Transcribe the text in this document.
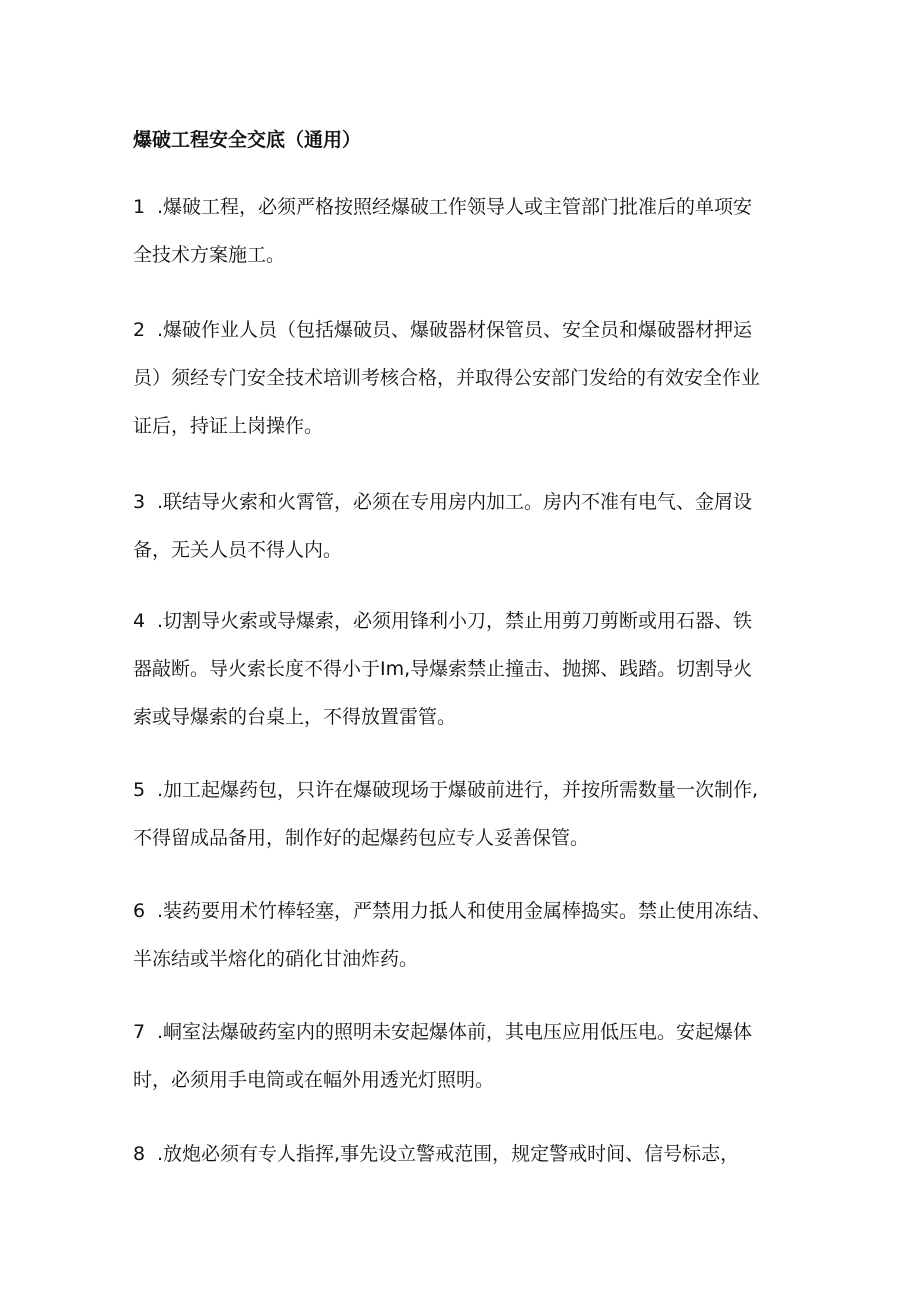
爆破工程安全交底（通用）

1 .爆破工程，必须严格按照经爆破工作领导人或主管部门批准后的单项安
全技术方案施工。

2 .爆破作业人员（包括爆破员、爆破器材保管员、安全员和爆破器材押运
员）须经专门安全技术培训考核合格，并取得公安部门发给的有效安全作业
证后，持证上岗操作。

3 .联结导火索和火霄管，必须在专用房内加工。房内不准有电气、金屑设
备，无关人员不得人内。

4 .切割导火索或导爆索，必须用锋利小刀，禁止用剪刀剪断或用石器、铁
器敲断。导火索长度不得小于Im,导爆索禁止撞击、抛掷、践踏。切割导火
索或导爆索的台桌上，不得放置雷管。

5 .加工起爆药包，只许在爆破现场于爆破前进行，并按所需数量一次制作,
不得留成品备用，制作好的起爆药包应专人妥善保管。

6 .装药要用术竹棒轻塞，严禁用力抵人和使用金属棒捣实。禁止使用冻结、
半冻结或半熔化的硝化甘油炸药。

7 .峒室法爆破药室内的照明未安起爆体前，其电压应用低压电。安起爆体
时，必须用手电筒或在幅外用透光灯照明。

8 .放炮必须有专人指挥,事先设立警戒范围，规定警戒时间、信号标志，
